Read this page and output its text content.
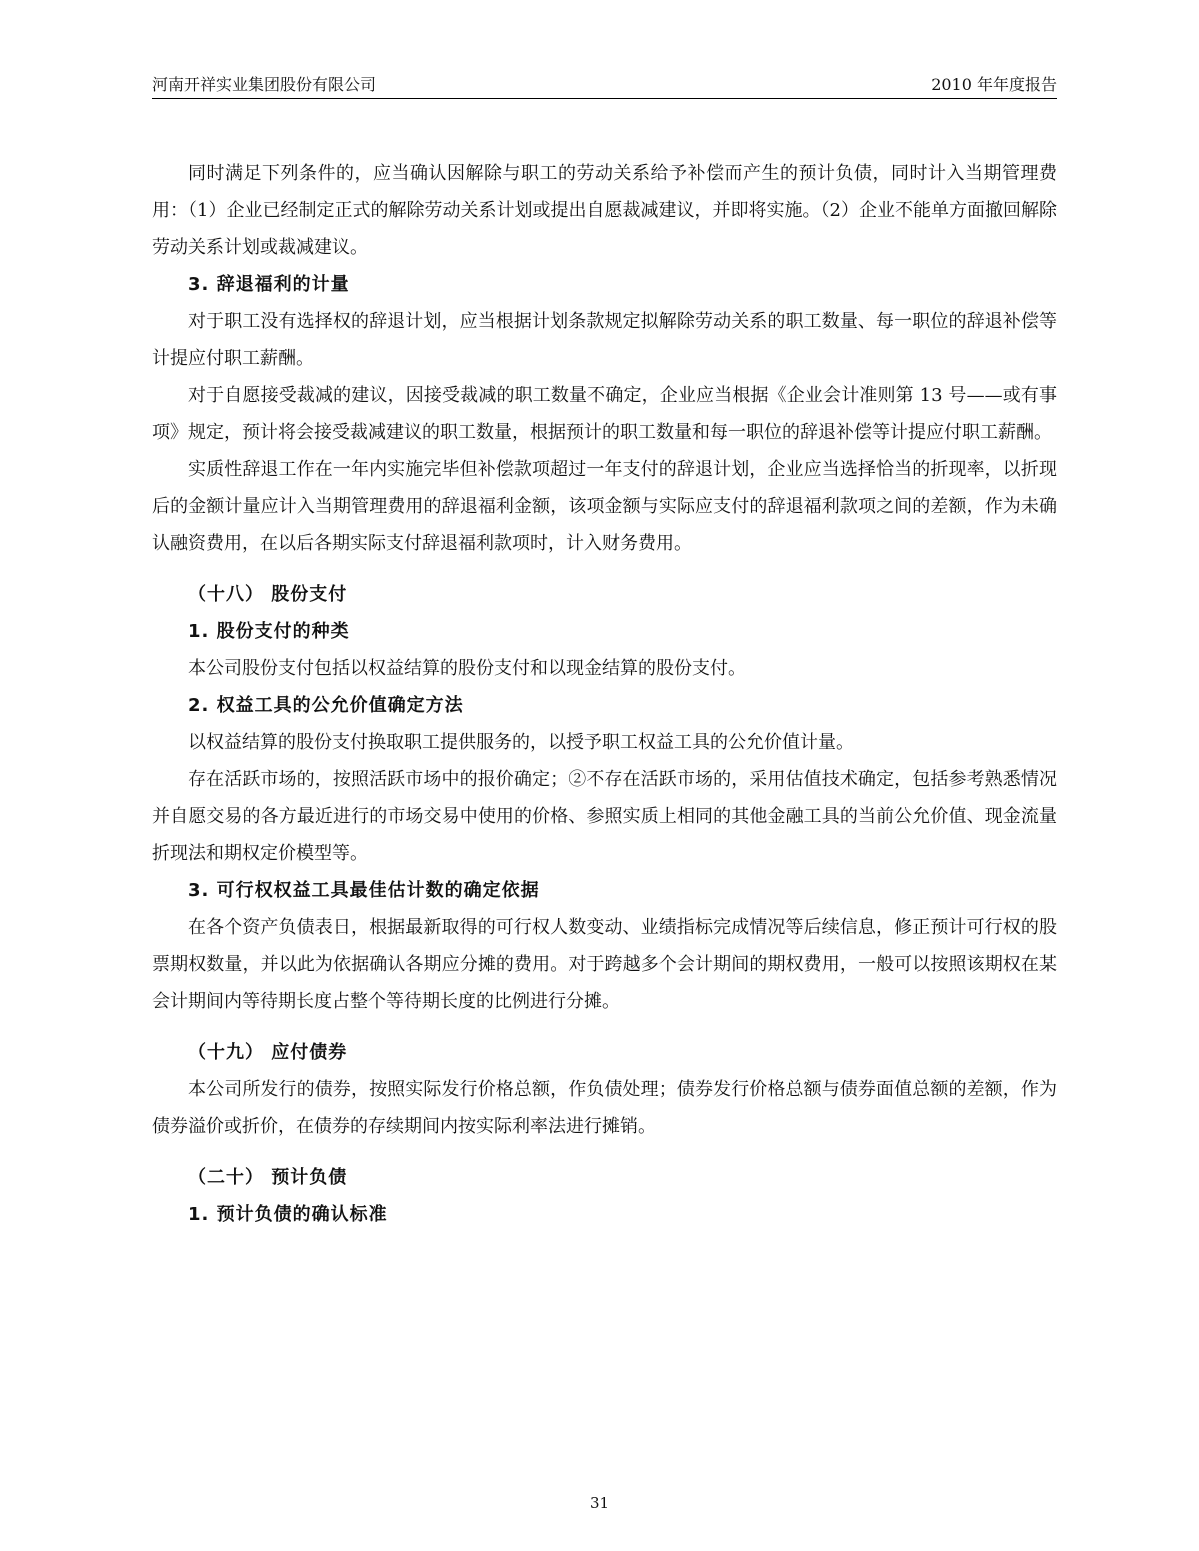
河南开祥实业集团股份有限公司	2010 年年度报告

同时满足下列条件的，应当确认因解除与职工的劳动关系给予补偿而产生的预计负债，同时计入当期管理费用：（1）企业已经制定正式的解除劳动关系计划或提出自愿裁减建议，并即将实施。（2）企业不能单方面撤回解除劳动关系计划或裁减建议。

3. 辞退福利的计量

对于职工没有选择权的辞退计划，应当根据计划条款规定拟解除劳动关系的职工数量、每一职位的辞退补偿等计提应付职工薪酬。

对于自愿接受裁减的建议，因接受裁减的职工数量不确定，企业应当根据《企业会计准则第 13 号——或有事项》规定，预计将会接受裁减建议的职工数量，根据预计的职工数量和每一职位的辞退补偿等计提应付职工薪酬。

实质性辞退工作在一年内实施完毕但补偿款项超过一年支付的辞退计划，企业应当选择恰当的折现率，以折现后的金额计量应计入当期管理费用的辞退福利金额，该项金额与实际应支付的辞退福利款项之间的差额，作为未确认融资费用，在以后各期实际支付辞退福利款项时，计入财务费用。

（十八） 股份支付

1. 股份支付的种类

本公司股份支付包括以权益结算的股份支付和以现金结算的股份支付。

2. 权益工具的公允价值确定方法

以权益结算的股份支付换取职工提供服务的，以授予职工权益工具的公允价值计量。

存在活跃市场的，按照活跃市场中的报价确定；②不存在活跃市场的，采用估值技术确定，包括参考熟悉情况并自愿交易的各方最近进行的市场交易中使用的价格、参照实质上相同的其他金融工具的当前公允价值、现金流量折现法和期权定价模型等。

3. 可行权权益工具最佳估计数的确定依据

在各个资产负债表日，根据最新取得的可行权人数变动、业绩指标完成情况等后续信息，修正预计可行权的股票期权数量，并以此为依据确认各期应分摊的费用。对于跨越多个会计期间的期权费用，一般可以按照该期权在某会计期间内等待期长度占整个等待期长度的比例进行分摊。

（十九） 应付债券

本公司所发行的债券，按照实际发行价格总额，作负债处理；债券发行价格总额与债券面值总额的差额，作为债券溢价或折价，在债券的存续期间内按实际利率法进行摊销。

（二十） 预计负债

1. 预计负债的确认标准

31
